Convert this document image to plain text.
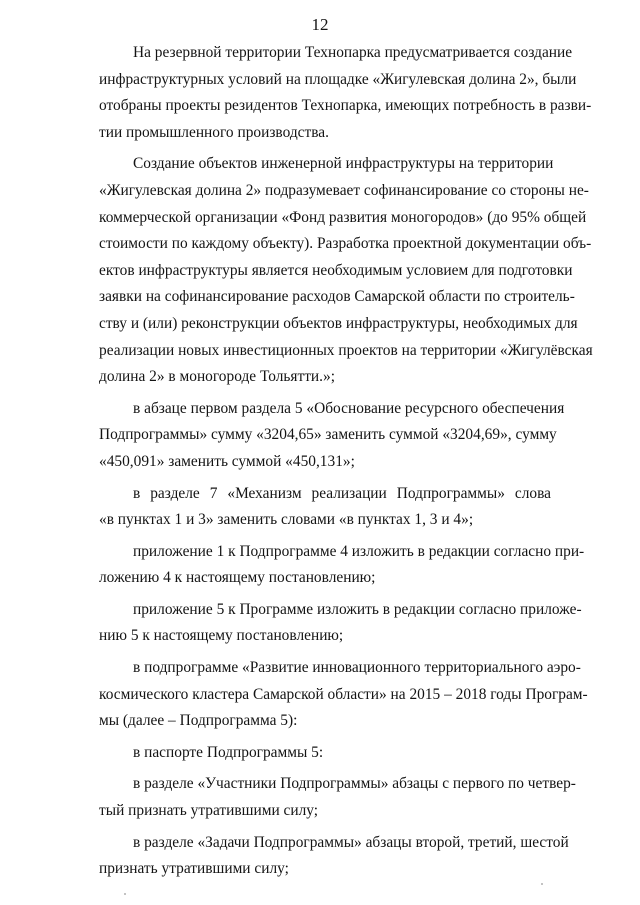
12

На резервной территории Технопарка предусматривается создание
инфраструктурных условий на площадке «Жигулевская долина 2», были
отобраны проекты резидентов Технопарка, имеющих потребность в разви-
тии промышленного производства.

Создание объектов инженерной инфраструктуры на территории
«Жигулевская долина 2» подразумевает софинансирование со стороны не-
коммерческой организации «Фонд развития моногородов» (до 95% общей
стоимости по каждому объекту). Разработка проектной документации объ-
ектов инфраструктуры является необходимым условием для подготовки
заявки на софинансирование расходов Самарской области по строитель-
ству и (или) реконструкции объектов инфраструктуры, необходимых для
реализации новых инвестиционных проектов на территории «Жигулёвская
долина 2» в моногороде Тольятти.»;

в абзаце первом раздела 5 «Обоснование ресурсного обеспечения
Подпрограммы» сумму «3204,65» заменить суммой «3204,69», сумму
«450,091» заменить суммой «450,131»;

в разделе 7 «Механизм реализации Подпрограммы» слова
«в пунктах 1 и 3» заменить словами «в пунктах 1, 3 и 4»;

приложение 1 к Подпрограмме 4 изложить в редакции согласно при-
ложению 4 к настоящему постановлению;

приложение 5 к Программе изложить в редакции согласно приложе-
нию 5 к настоящему постановлению;

в подпрограмме «Развитие инновационного территориального аэро-
космического кластера Самарской области» на 2015 – 2018 годы Програм-
мы (далее – Подпрограмма 5):

в паспорте Подпрограммы 5:

в разделе «Участники Подпрограммы» абзацы с первого по четвер-
тый признать утратившими силу;

в разделе «Задачи Подпрограммы» абзацы второй, третий, шестой
признать утратившими силу;
